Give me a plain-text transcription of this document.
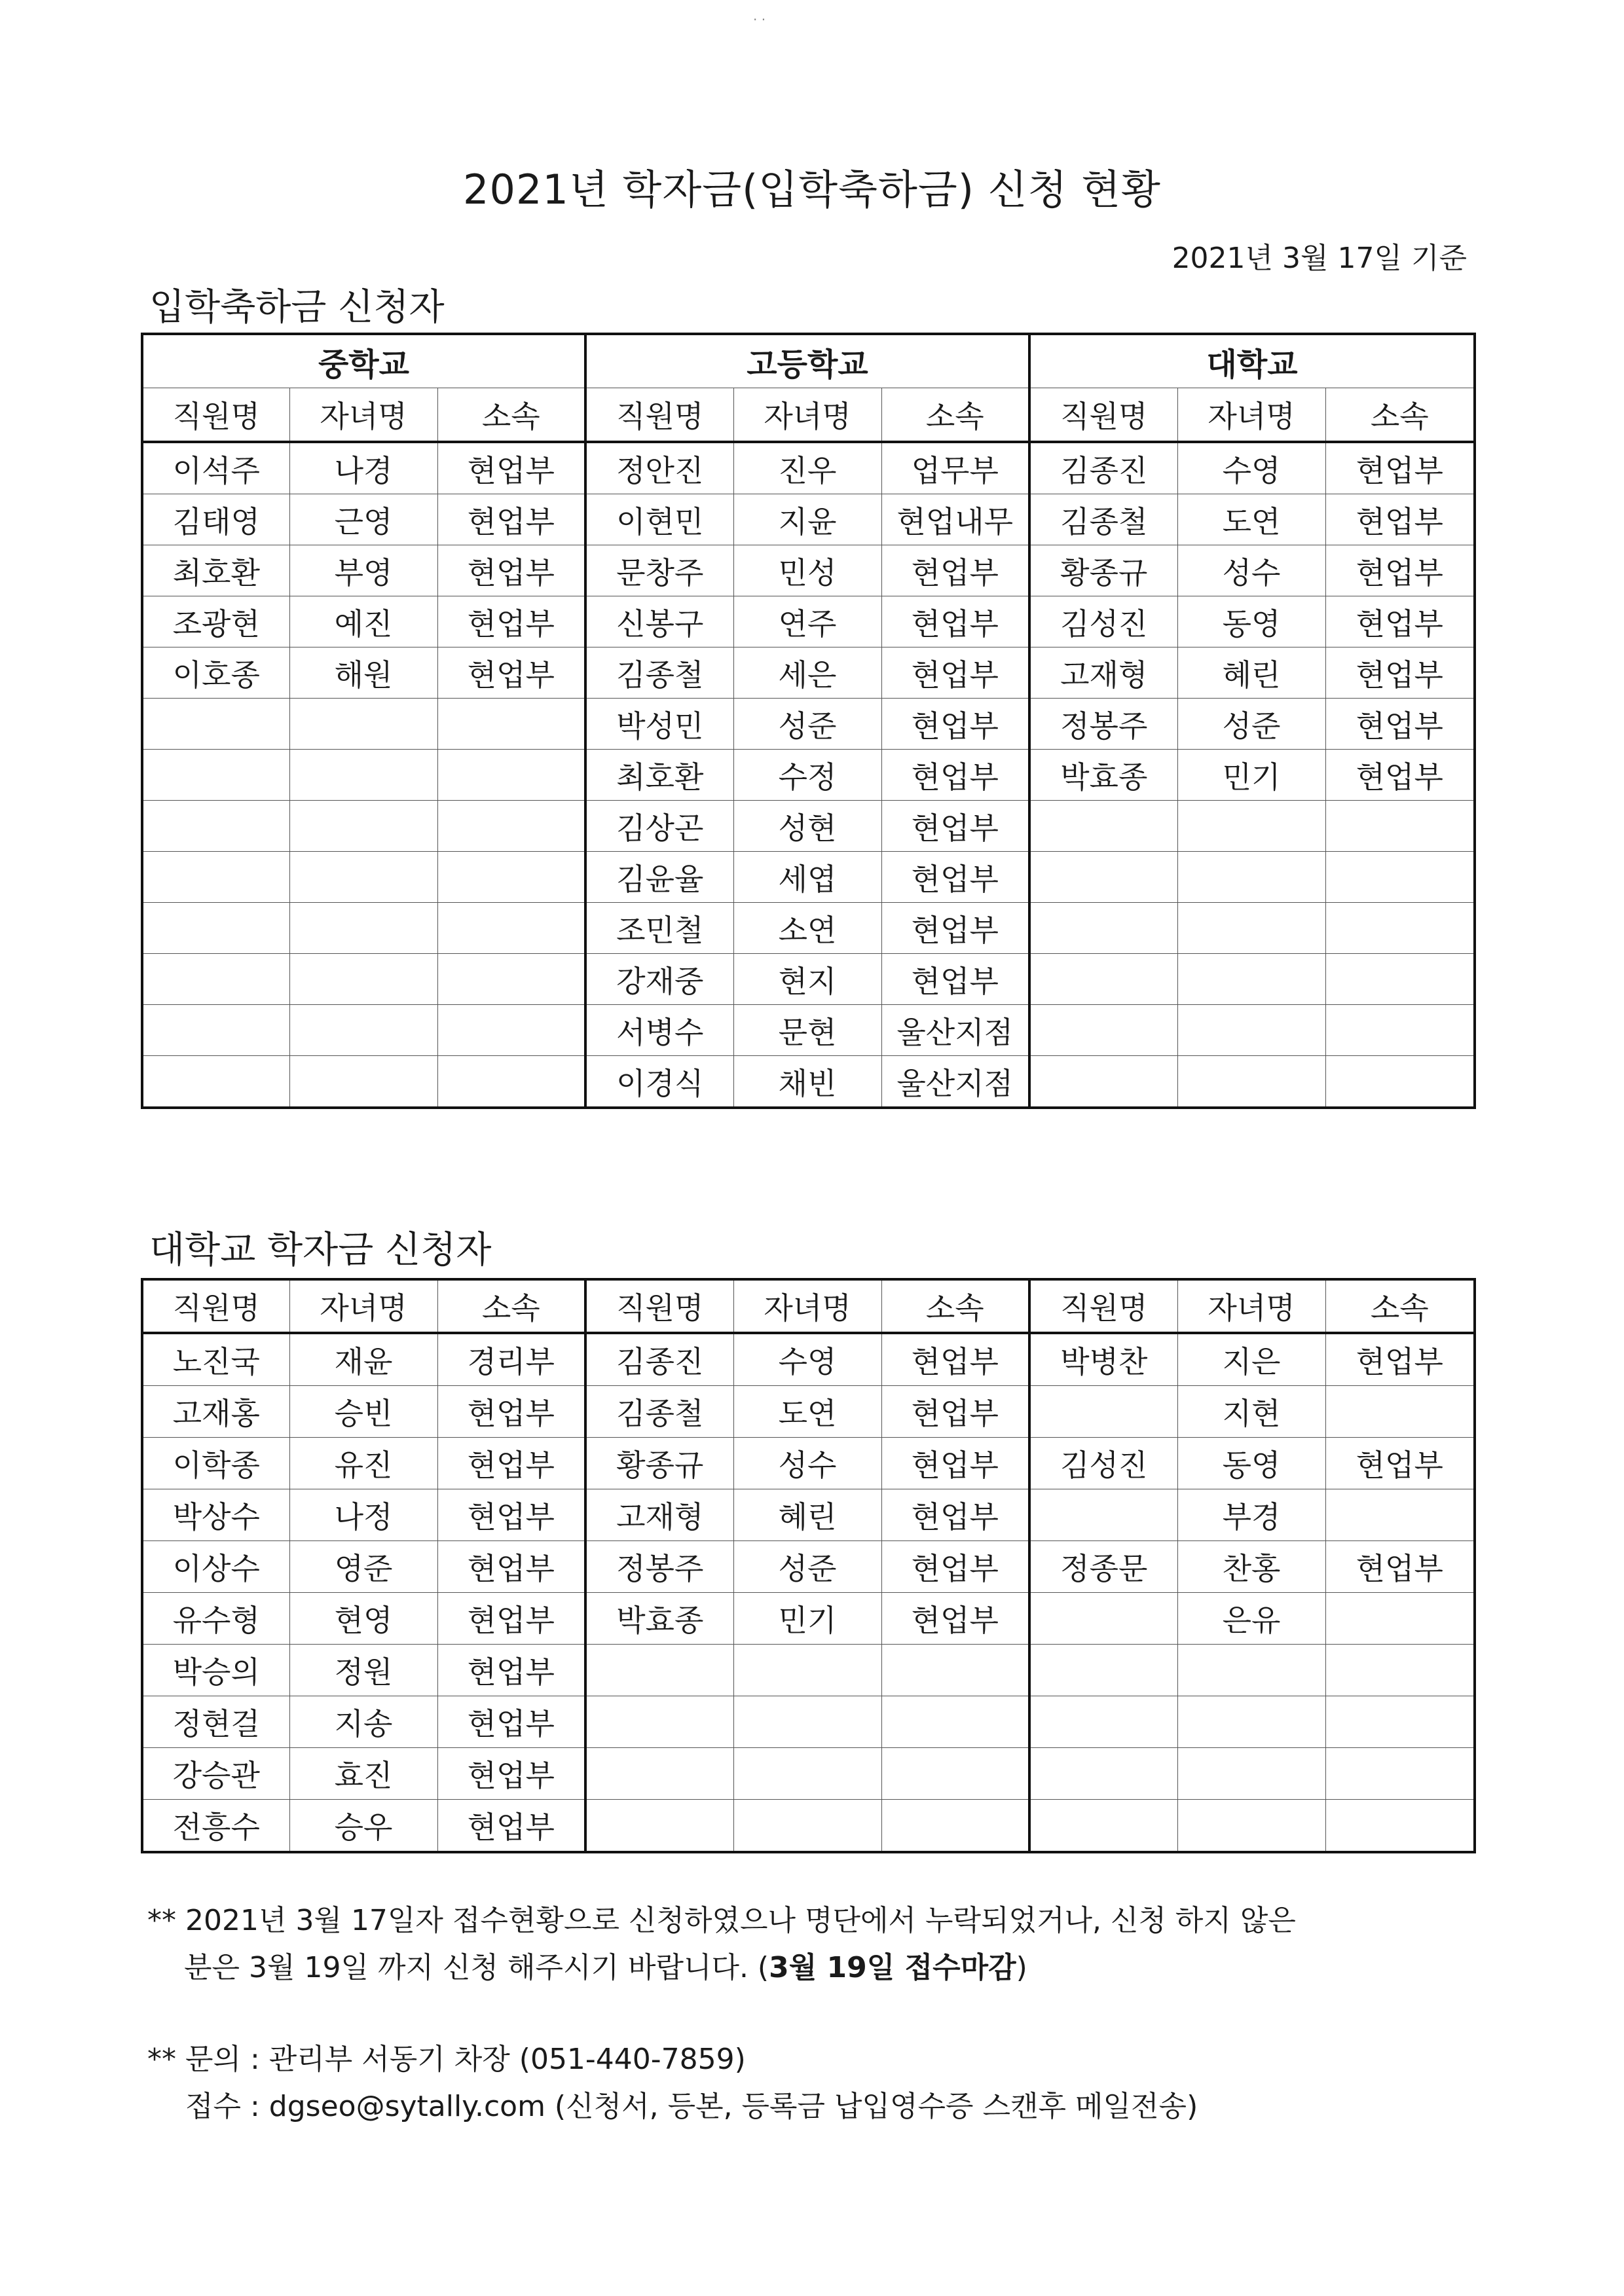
2021년 학자금(입학축하금) 신청 현황
2021년 3월 17일 기준
입학축하금 신청자
중학교			고등학교			대학교		
직원명	자녀명	소속	직원명	자녀명	소속	직원명	자녀명	소속
이석주	나경	현업부	정안진	진우	업무부	김종진	수영	현업부
김태영	근영	현업부	이현민	지윤	현업내무	김종철	도연	현업부
최호환	부영	현업부	문창주	민성	현업부	황종규	성수	현업부
조광현	예진	현업부	신봉구	연주	현업부	김성진	동영	현업부
이호종	해원	현업부	김종철	세은	현업부	고재형	혜린	현업부
			박성민	성준	현업부	정봉주	성준	현업부
			최호환	수정	현업부	박효종	민기	현업부
			김상곤	성현	현업부			
			김윤율	세엽	현업부			
			조민철	소연	현업부			
			강재중	현지	현업부			
			서병수	문현	울산지점			
			이경식	채빈	울산지점			
대학교 학자금 신청자
직원명	자녀명	소속	직원명	자녀명	소속	직원명	자녀명	소속
노진국	재윤	경리부	김종진	수영	현업부	박병찬	지은	현업부
고재홍	승빈	현업부	김종철	도연	현업부		지현	
이학종	유진	현업부	황종규	성수	현업부	김성진	동영	현업부
박상수	나정	현업부	고재형	혜린	현업부		부경	
이상수	영준	현업부	정봉주	성준	현업부	정종문	찬홍	현업부
유수형	현영	현업부	박효종	민기	현업부		은유	
박승의	정원	현업부						
정현걸	지송	현업부						
강승관	효진	현업부						
전흥수	승우	현업부						
** 2021년 3월 17일자 접수현황으로 신청하였으나 명단에서 누락되었거나, 신청 하지 않은
분은 3월 19일 까지 신청 해주시기 바랍니다. (3월 19일 접수마감)
** 문의 : 관리부 서동기 차장 (051-440-7859)
접수 : dgseo@sytally.com (신청서, 등본, 등록금 납입영수증 스캔후 메일전송)
· ·
